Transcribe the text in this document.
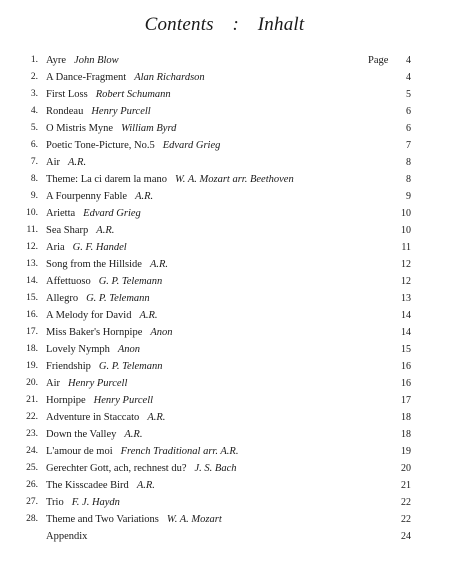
Contents : Inhalt
1. Ayre John Blow	Page 4
2. A Dance-Fragment Alan Richardson	4
3. First Loss Robert Schumann	5
4. Rondeau Henry Purcell	6
5. O Mistris Myne William Byrd	6
6. Poetic Tone-Picture, No.5 Edvard Grieg	7
7. Air A.R.	8
8. Theme: La ci darem la mano W. A. Mozart arr. Beethoven	8
9. A Fourpenny Fable A.R.	9
10. Arietta Edvard Grieg	10
11. Sea Sharp A.R.	10
12. Aria G. F. Handel	11
13. Song from the Hillside A.R.	12
14. Affettuoso G. P. Telemann	12
15. Allegro G. P. Telemann	13
16. A Melody for David A.R.	14
17. Miss Baker's Hornpipe Anon	14
18. Lovely Nymph Anon	15
19. Friendship G. P. Telemann	16
20. Air Henry Purcell	16
21. Hornpipe Henry Purcell	17
22. Adventure in Staccato A.R.	18
23. Down the Valley A.R.	18
24. L'amour de moi French Traditional arr. A.R.	19
25. Gerechter Gott, ach, rechnest du? J. S. Bach	20
26. The Kisscadee Bird A.R.	21
27. Trio F. J. Haydn	22
28. Theme and Two Variations W. A. Mozart	22
Appendix	24
